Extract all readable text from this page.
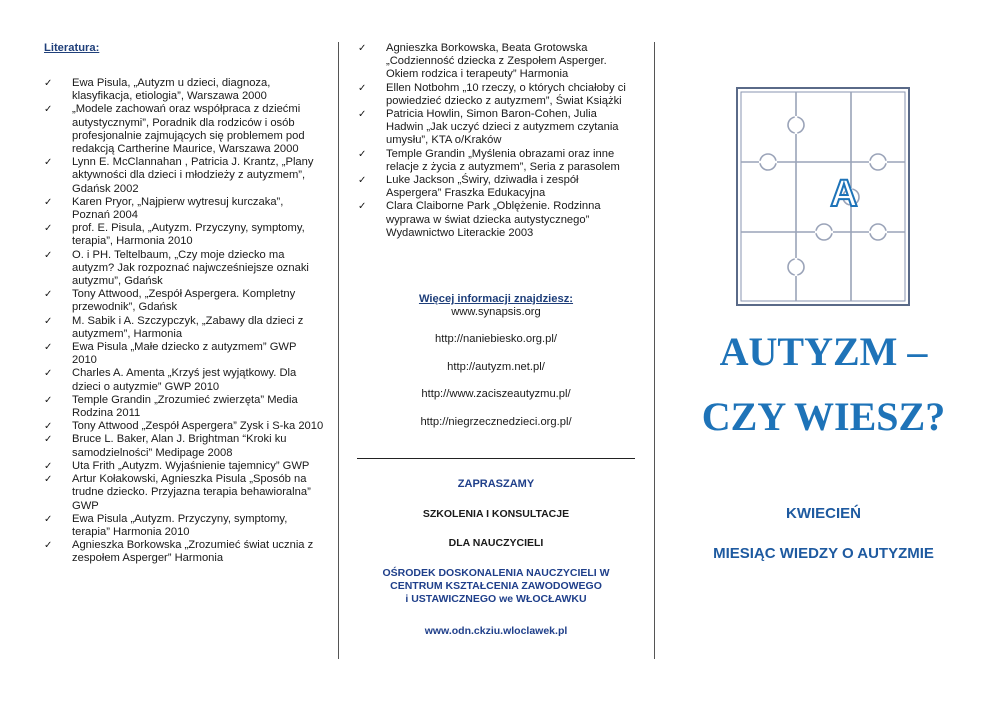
Literatura:
✓ Ewa Pisula, „Autyzm u dzieci, diagnoza, klasyfikacja, etiologia”, Warszawa 2000
✓ „Modele zachowań oraz współpraca z dziećmi autystycznymi”, Poradnik dla rodziców i osób profesjonalnie zajmujących się problemem pod redakcją Cartherine Maurice, Warszawa 2000
✓ Lynn E. McClannahan , Patricia J. Krantz, „Plany aktywności dla dzieci i młodzieży z autyzmem”, Gdańsk 2002
✓ Karen Pryor, „Najpierw wytresuj kurczaka”, Poznań 2004
✓ prof. E. Pisula, „Autyzm. Przyczyny, symptomy, terapia”, Harmonia 2010
✓ O. i PH. Teltelbaum, „Czy moje dziecko ma autyzm? Jak rozpoznać najwcześniejsze oznaki autyzmu”, Gdańsk
✓ Tony Attwood, „Zespół Aspergera. Kompletny przewodnik”, Gdańsk
✓ M. Sabik i A. Szczypczyk, „Zabawy dla dzieci z autyzmem”, Harmonia
✓ Ewa Pisula „Małe dziecko z autyzmem” GWP 2010
✓ Charles A. Amenta „Krzyś jest wyjątkowy. Dla dzieci o autyzmie” GWP 2010
✓ Temple Grandin „Zrozumieć zwierzęta” Media Rodzina 2011
✓ Tony Attwood „Zespół Aspergera” Zysk i S-ka 2010
✓ Bruce L. Baker, Alan J. Brightman “Kroki ku samodzielności” Medipage 2008
✓ Uta Frith „Autyzm. Wyjaśnienie tajemnicy” GWP
✓ Artur Kołakowski, Agnieszka Pisula „Sposób na trudne dziecko. Przyjazna terapia behawioralna” GWP
✓ Ewa Pisula „Autyzm. Przyczyny, symptomy, terapia” Harmonia 2010
✓ Agnieszka Borkowska „Zrozumieć świat ucznia z zespołem Asperger” Harmonia
✓ Agnieszka Borkowska, Beata Grotowska „Codzienność dziecka z Zespołem Asperger. Okiem rodzica i terapeuty” Harmonia
✓ Ellen Notbohm „10 rzeczy, o których chciałoby ci powiedzieć dziecko z autyzmem”, Świat Książki
✓ Patricia Howlin, Simon Baron-Cohen, Julia Hadwin „Jak uczyć dzieci z autyzmem czytania umysłu”, KTA o/Kraków
✓ Temple Grandin „Myślenia obrazami oraz inne relacje z życia z autyzmem”, Seria z parasolem
✓ Luke Jackson „Świry, dziwadła i zespół Aspergera” Fraszka Edukacyjna
✓ Clara Claiborne Park „Oblężenie. Rodzinna wyprawa w świat dziecka autystycznego” Wydawnictwo Literackie 2003
Więcej informacji znajdziesz:
www.synapsis.org
http://naniebiesko.org.pl/
http://autyzm.net.pl/
http://www.zaciszeautyzmu.pl/
http://niegrzecznedzieci.org.pl/
ZAPRASZAMY
SZKOLENIA I KONSULTACJE
DLA NAUCZYCIELI
OŚRODEK DOSKONALENIA NAUCZYCIELI W
CENTRUM KSZTAŁCENIA ZAWODOWEGO
i USTAWICZNEGO we WŁOCŁAWKU
www.odn.ckziu.wloclawek.pl
A
AUTYZM –
CZY WIESZ?
KWIECIEŃ
MIESIĄC WIEDZY O AUTYZMIE
